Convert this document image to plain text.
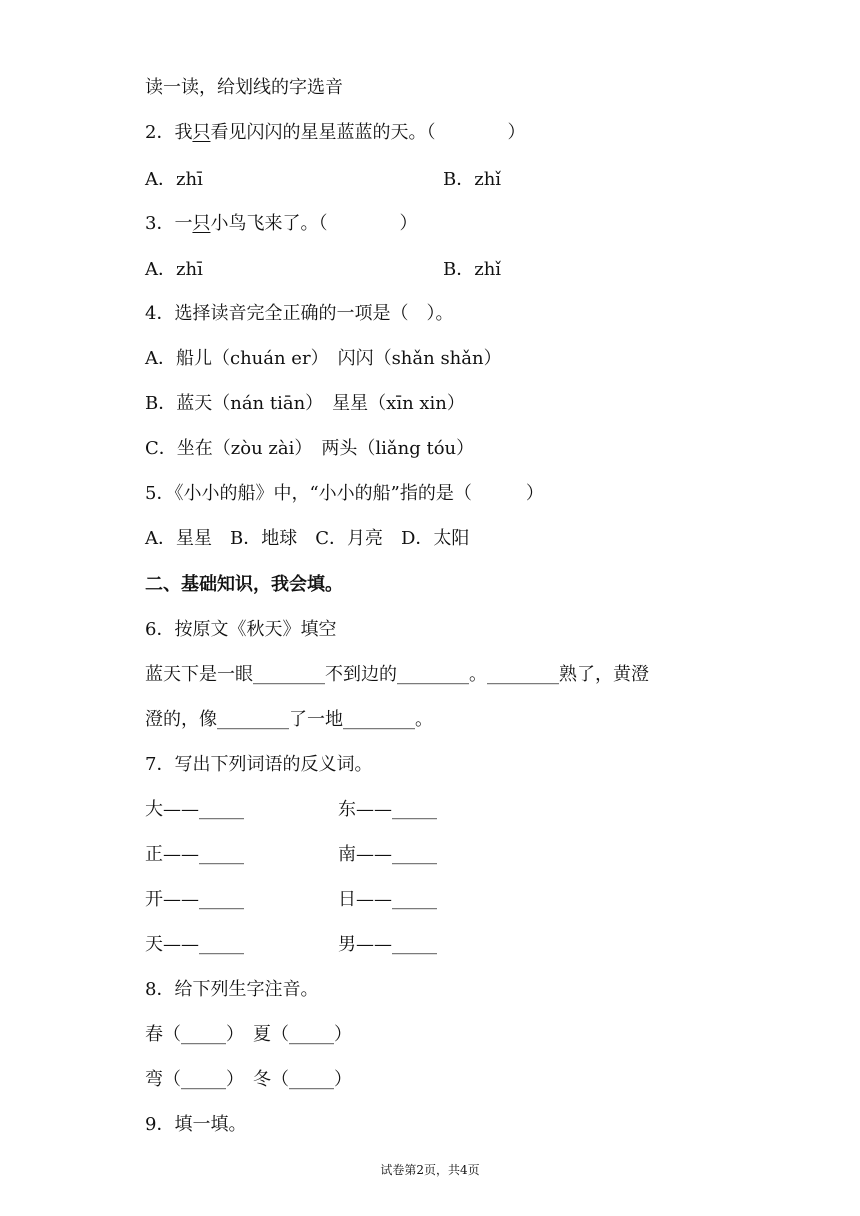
读一读，给划线的字选音
2．我只看见闪闪的星星蓝蓝的天。（　　　　）
A．zhī	B．zhǐ
3．一只小鸟飞来了。（　　　　）
A．zhī	B．zhǐ
4．选择读音完全正确的一项是（　）。
A．船儿（chuán er）　闪闪（shǎn shǎn）
B．蓝天（nán tiān）　星星（xīn xin）
C．坐在（zòu zài）　两头（liǎng tóu）
5．《小小的船》中，“小小的船”指的是（　　　）
A．星星　B．地球　C．月亮　D．太阳
二、基础知识，我会填。
6．按原文《秋天》填空
蓝天下是一眼________不到边的________。________熟了，黄澄
澄的，像________了一地________。
7．写出下列词语的反义词。
大——_____	东——_____
正——_____	南——_____
开——_____	日——_____
天——_____	男——_____
8．给下列生字注音。
春（_____）　夏（_____）
弯（_____）　冬（_____）
9．填一填。
试卷第2页，共4页
